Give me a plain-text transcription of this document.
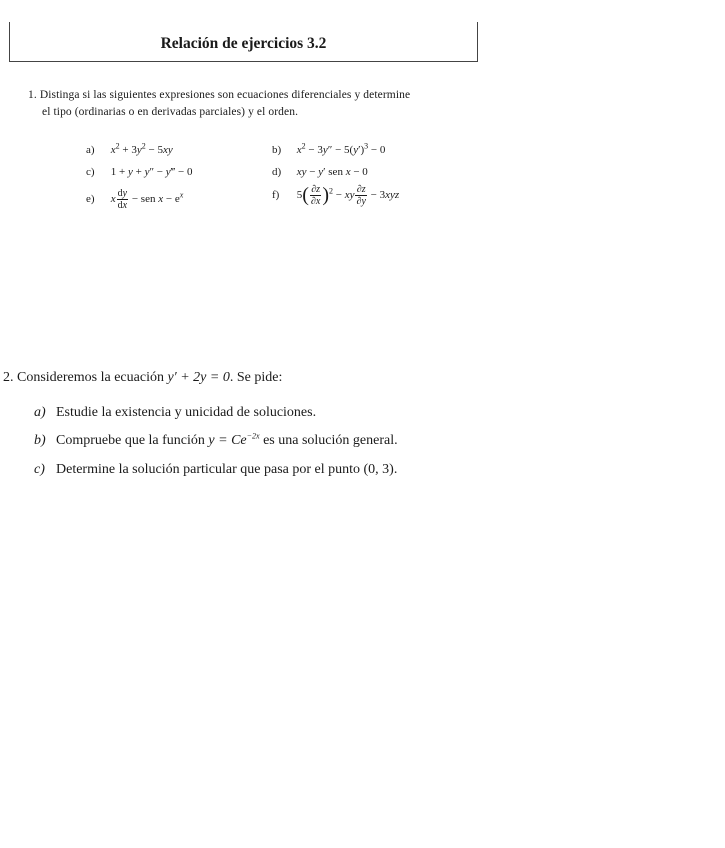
Relación de ejercicios 3.2
1. Distinga si las siguientes expresiones son ecuaciones diferenciales y determine
el tipo (ordinarias o en derivadas parciales) y el orden.
a) $x^2 + 3y^2 - 5xy$	b) $x^2 - 3y'' - 5(y')^3 - 0$
c) 1 + y + y″ − y‴ − 0	d) xy − y′ sen x − 0
e) x $\frac{dy}{dx}$ − sen $x - e^x$	f) $5( \frac{\partial z}{\partial x} )^2$ − xy $\frac{\partial z}{\partial y} - 3xyz$
2. Consideremos la ecuación y′ + 2y = 0. Se pide:
a) Estudie la existencia y unicidad de soluciones.
b) Compruebe que la función $y = Ce^{-2x}$ es una solución general.
c) Determine la solución particular que pasa por el punto (0, 3).
